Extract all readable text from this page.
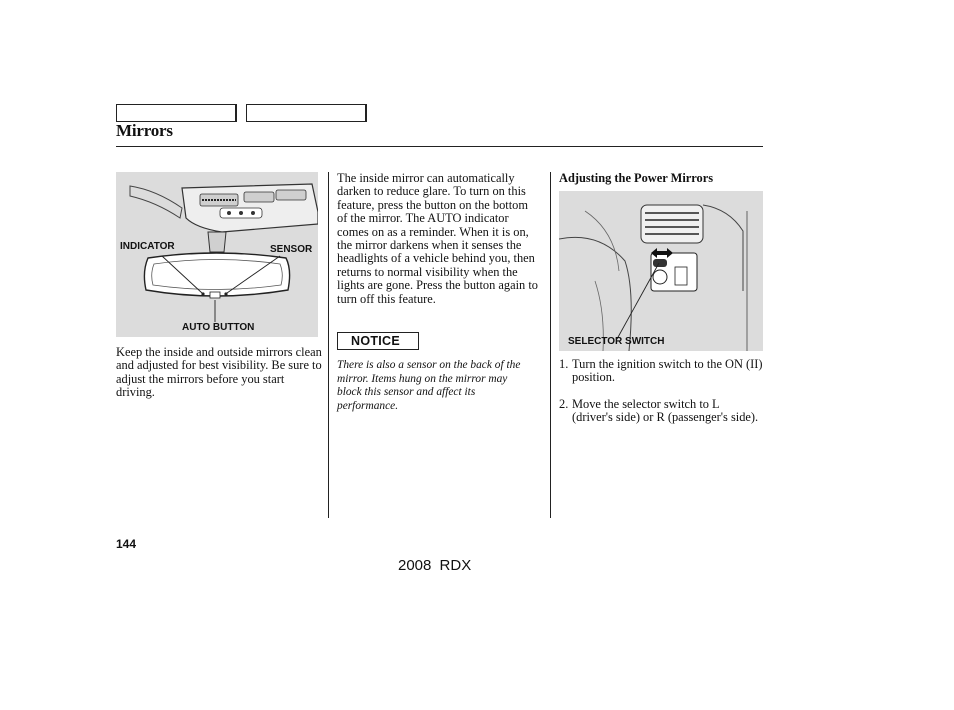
Mirrors
INDICATOR	SENSOR
AUTO BUTTON
Keep the inside and outside mirrors clean and adjusted for best visibility. Be sure to adjust the mirrors before you start driving.
The inside mirror can automatically darken to reduce glare. To turn on this feature, press the button on the bottom of the mirror. The AUTO indicator comes on as a reminder. When it is on, the mirror darkens when it senses the headlights of a vehicle behind you, then returns to normal visibility when the lights are gone. Press the button again to turn off this feature.
NOTICE
There is also a sensor on the back of the mirror. Items hung on the mirror may block this sensor and affect its performance.
Adjusting the Power Mirrors
SELECTOR SWITCH
1. Turn the ignition switch to the ON (II) position.
2. Move the selector switch to L (driver's side) or R (passenger's side).
144
2008 RDX
